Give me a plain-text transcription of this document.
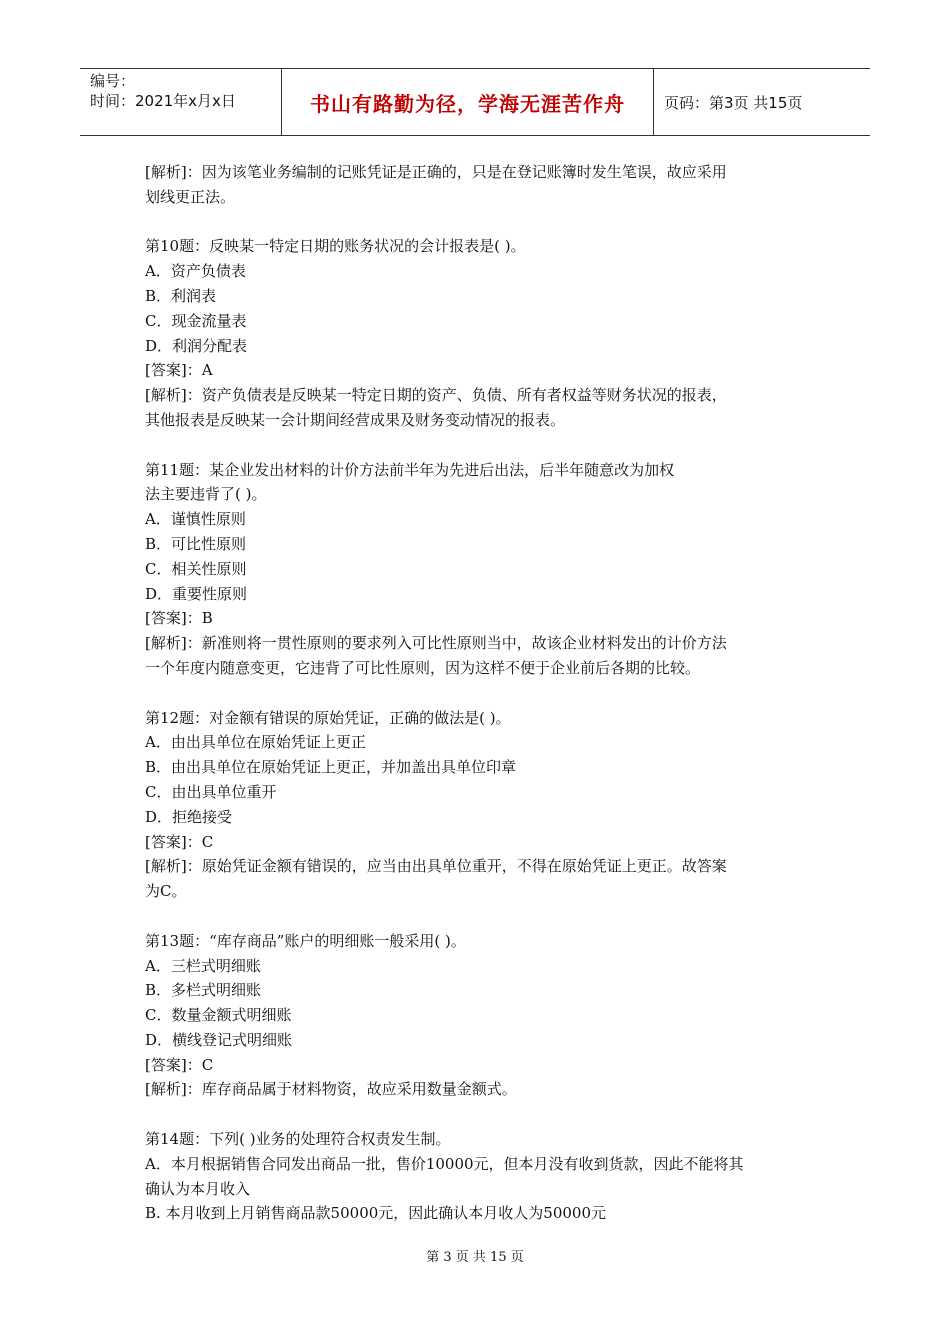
编号：
时间：2021年x月x日	书山有路勤为径，学海无涯苦作舟	页码：第3页 共15页
[解析]：因为该笔业务编制的记账凭证是正确的，只是在登记账簿时发生笔误，故应采用
划线更正法。
第10题：反映某一特定日期的账务状况的会计报表是( )。
A．资产负债表
B．利润表
C．现金流量表
D．利润分配表
[答案]：A
[解析]：资产负债表是反映某一特定日期的资产、负债、所有者权益等财务状况的报表，
其他报表是反映某一会计期间经营成果及财务变动情况的报表。
第11题：某企业发出材料的计价方法前半年为先进后出法，后半年随意改为加权
法主要违背了( )。
A．谨慎性原则
B．可比性原则
C．相关性原则
D．重要性原则
[答案]：B
[解析]：新准则将一贯性原则的要求列入可比性原则当中，故该企业材料发出的计价方法
一个年度内随意变更，它违背了可比性原则，因为这样不便于企业前后各期的比较。
第12题：对金额有错误的原始凭证，正确的做法是( )。
A．由出具单位在原始凭证上更正
B．由出具单位在原始凭证上更正，并加盖出具单位印章
C．由出具单位重开
D．拒绝接受
[答案]：C
[解析]：原始凭证金额有错误的，应当由出具单位重开，不得在原始凭证上更正。故答案
为C。
第13题：“库存商品”账户的明细账一般采用( )。
A．三栏式明细账
B．多栏式明细账
C．数量金额式明细账
D．横线登记式明细账
[答案]：C
[解析]：库存商品属于材料物资，故应采用数量金额式。
第14题：下列( )业务的处理符合权责发生制。
A．本月根据销售合同发出商品一批，售价10000元，但本月没有收到货款，因此不能将其
确认为本月收入
B. 本月收到上月销售商品款50000元，因此确认本月收人为50000元
第 3 页 共 15 页
